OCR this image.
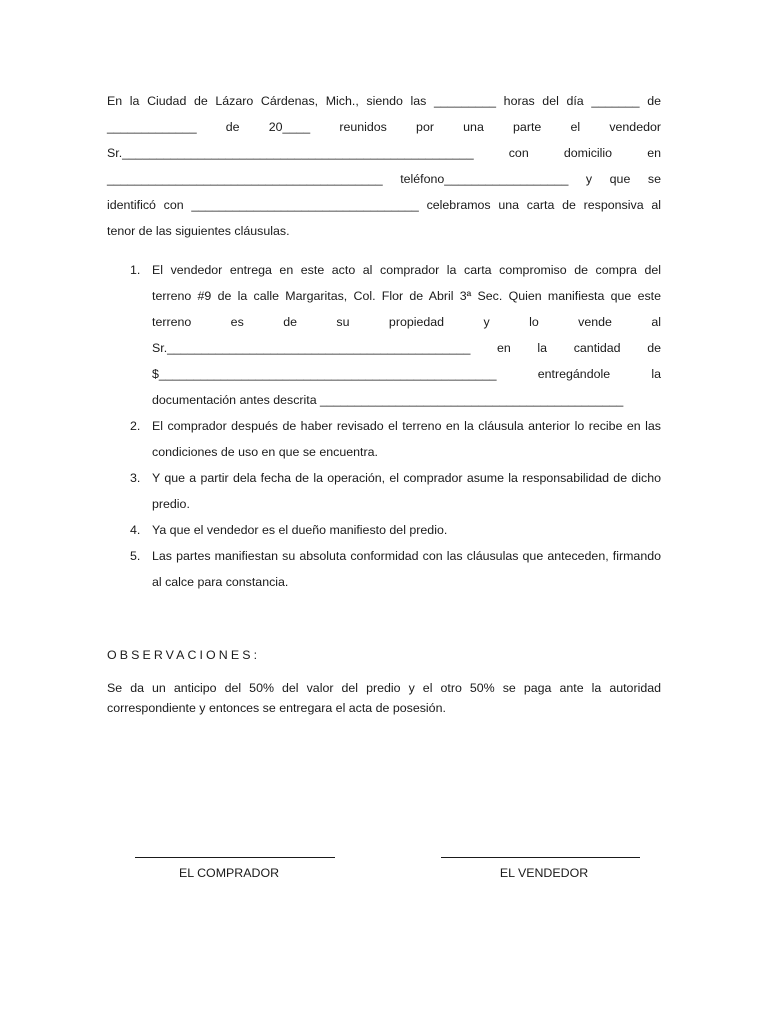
En la Ciudad de Lázaro Cárdenas, Mich., siendo las _________ horas del día _______ de
_____________ de 20____ reunidos por una parte el vendedor
Sr.___________________________________________________ con domicilio en
________________________________________ teléfono__________________ y que se
identificó con _________________________________ celebramos una carta de responsiva al
tenor de las siguientes cláusulas.
1. El vendedor entrega en este acto al comprador la carta compromiso de compra del
terreno #9 de la calle Margaritas, Col. Flor de Abril 3ª Sec. Quien manifiesta que este
terreno es de su propiedad y lo vende al
Sr.____________________________________________ en la cantidad de
$_________________________________________________ entregándole la
documentación antes descrita ____________________________________________
2. El comprador después de haber revisado el terreno en la cláusula anterior lo recibe en las
condiciones de uso en que se encuentra.
3. Y que a partir dela fecha de la operación, el comprador asume la responsabilidad de dicho
predio.
4. Ya que el vendedor es el dueño manifiesto del predio.
5. Las partes manifiestan su absoluta conformidad con las cláusulas que anteceden, firmando
al calce para constancia.
OBSERVACIONES:
Se da un anticipo del 50% del valor del predio y el otro 50% se paga ante la autoridad
correspondiente y entonces se entregara el acta de posesión.
EL COMPRADOR	EL VENDEDOR
